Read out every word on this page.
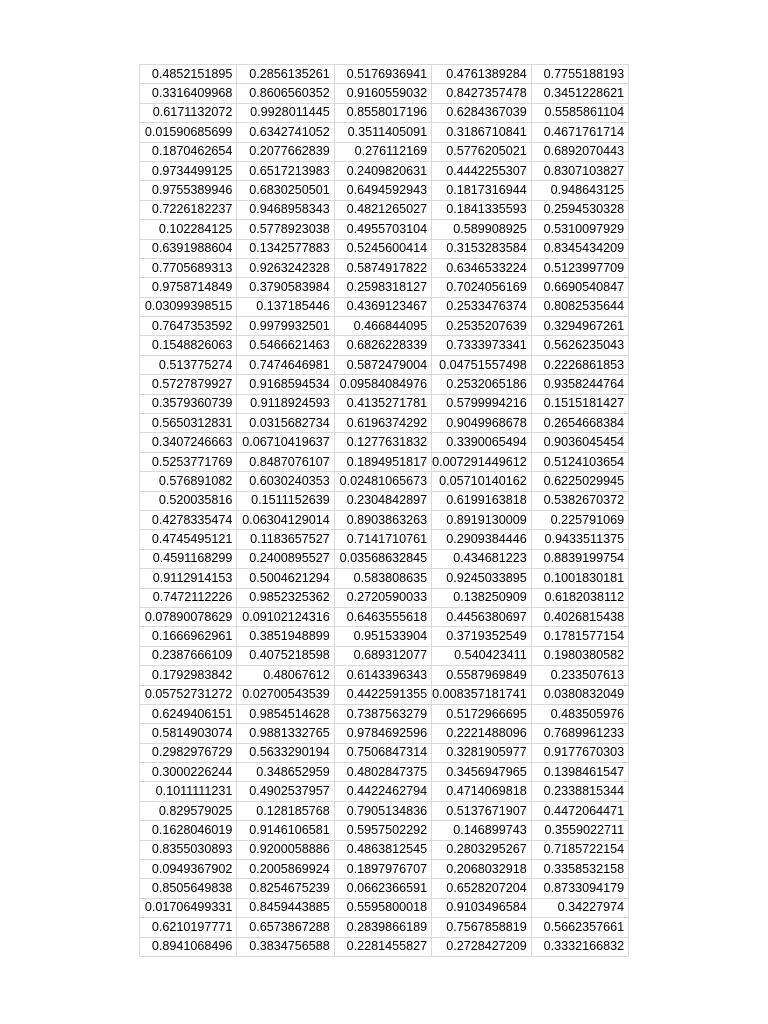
0.4852151895	0.2856135261	0.5176936941	0.4761389284	0.7755188193
0.3316409968	0.8606560352	0.9160559032	0.8427357478	0.3451228621
0.6171132072	0.9928011445	0.8558017196	0.6284367039	0.5585861104
0.01590685699	0.6342741052	0.3511405091	0.3186710841	0.4671761714
0.1870462654	0.2077662839	0.276112169	0.5776205021	0.6892070443
0.9734499125	0.6517213983	0.2409820631	0.4442255307	0.8307103827
0.9755389946	0.6830250501	0.6494592943	0.1817316944	0.948643125
0.7226182237	0.9468958343	0.4821265027	0.1841335593	0.2594530328
0.102284125	0.5778923038	0.4955703104	0.589908925	0.5310097929
0.6391988604	0.1342577883	0.5245600414	0.3153283584	0.8345434209
0.7705689313	0.9263242328	0.5874917822	0.6346533224	0.5123997709
0.9758714849	0.3790583984	0.2598318127	0.7024056169	0.6690540847
0.03099398515	0.137185446	0.4369123467	0.2533476374	0.8082535644
0.7647353592	0.9979932501	0.466844095	0.2535207639	0.3294967261
0.1548826063	0.5466621463	0.6826228339	0.7333973341	0.5626235043
0.513775274	0.7474646981	0.5872479004	0.04751557498	0.2226861853
0.5727879927	0.9168594534	0.09584084976	0.2532065186	0.9358244764
0.3579360739	0.9118924593	0.4135271781	0.5799994216	0.1515181427
0.5650312831	0.0315682734	0.6196374292	0.9049968678	0.2654668384
0.3407246663	0.06710419637	0.1277631832	0.3390065494	0.9036045454
0.5253771769	0.8487076107	0.1894951817	0.007291449612	0.5124103654
0.576891082	0.6030240353	0.02481065673	0.05710140162	0.6225029945
0.520035816	0.1511152639	0.2304842897	0.6199163818	0.5382670372
0.4278335474	0.06304129014	0.8903863263	0.8919130009	0.225791069
0.4745495121	0.1183657527	0.7141710761	0.2909384446	0.9433511375
0.4591168299	0.2400895527	0.03568632845	0.434681223	0.8839199754
0.9112914153	0.5004621294	0.583808635	0.9245033895	0.1001830181
0.7472112226	0.9852325362	0.2720590033	0.138250909	0.6182038112
0.07890078629	0.09102124316	0.6463555618	0.4456380697	0.4026815438
0.1666962961	0.3851948899	0.951533904	0.3719352549	0.1781577154
0.2387666109	0.4075218598	0.689312077	0.540423411	0.1980380582
0.1792983842	0.48067612	0.6143396343	0.5587969849	0.233507613
0.05752731272	0.02700543539	0.4422591355	0.008357181741	0.0380832049
0.6249406151	0.9854514628	0.7387563279	0.5172966695	0.483505976
0.5814903074	0.9881332765	0.9784692596	0.2221488096	0.7689961233
0.2982976729	0.5633290194	0.7506847314	0.3281905977	0.9177670303
0.3000226244	0.348652959	0.4802847375	0.3456947965	0.1398461547
0.1011111231	0.4902537957	0.4422462794	0.4714069818	0.2338815344
0.829579025	0.128185768	0.7905134836	0.5137671907	0.4472064471
0.1628046019	0.9146106581	0.5957502292	0.146899743	0.3559022711
0.8355030893	0.9200058886	0.4863812545	0.2803295267	0.7185722154
0.0949367902	0.2005869924	0.1897976707	0.2068032918	0.3358532158
0.8505649838	0.8254675239	0.0662366591	0.6528207204	0.8733094179
0.01706499331	0.8459443885	0.5595800018	0.9103496584	0.34227974
0.6210197771	0.6573867288	0.2839866189	0.7567858819	0.5662357661
0.8941068496	0.3834756588	0.2281455827	0.2728427209	0.3332166832
